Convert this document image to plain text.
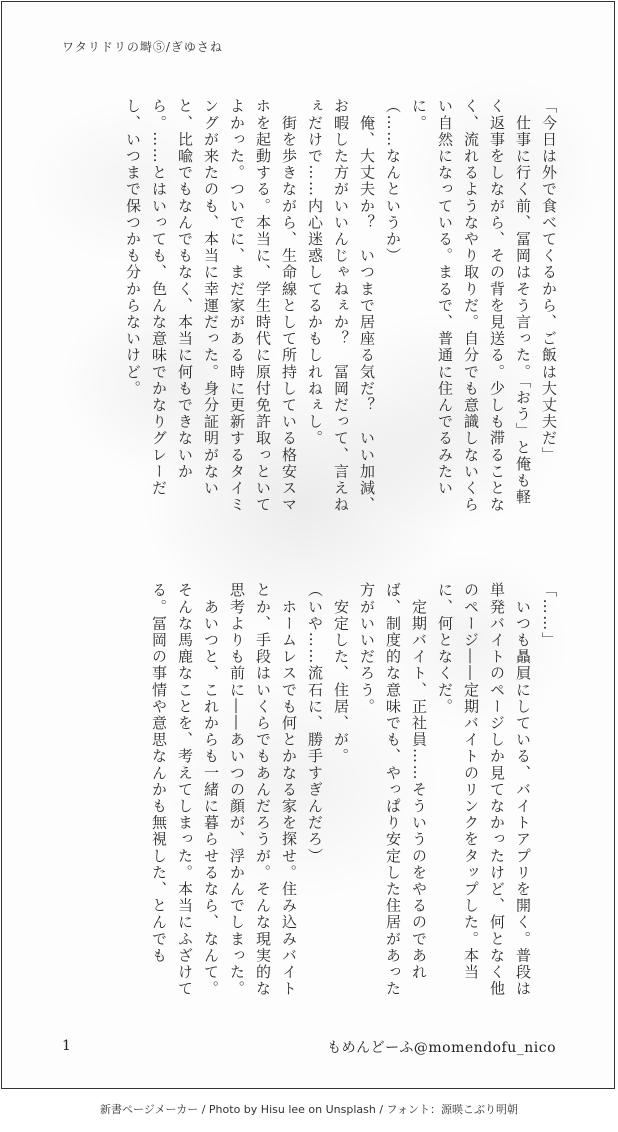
ワタリドリの塒⑤/ぎゆさね

「今日は外で食べてくるから、ご飯は大丈夫だ」

　仕事に行く前、冨岡はそう言った。「おう」と俺も軽く返事をしながら、その背を見送る。少しも滞ることなく、流れるようなやり取りだ。自分でも意識しないくらい自然になっている。まるで、普通に住んでるみたいに。

（……なんというか）

　俺、大丈夫か？　いつまで居座る気だ？　いい加減、お暇した方がいいんじゃねぇか？　冨岡だって、言えねぇだけで……内心迷惑してるかもしれねぇし。

　街を歩きながら、生命線として所持している格安スマホを起動する。本当に、学生時代に原付免許取っといてよかった。ついでに、まだ家がある時に更新するタイミングが来たのも、本当に幸運だった。身分証明がないと、比喩でもなんでもなく、本当に何もできないから。……とはいっても、色んな意味でかなりグレーだし、いつまで保つかも分からないけど。

「……」

　いつも贔屓にしている、バイトアプリを開く。普段は単発バイトのページしか見てなかったけど、何となく他のページ――定期バイトのリンクをタップした。本当に、何となくだ。

　定期バイト、正社員……そういうのをやるのであれば、制度的な意味でも、やっぱり安定した住居があった方がいいだろう。

　安定した、住居、が。

（いや……流石に、勝手すぎんだろ）

　ホームレスでも何とかなる家を探せ。住み込みバイトとか、手段はいくらでもあんだろうが。そんな現実的な思考よりも前に――あいつの顔が、浮かんでしまった。

　あいつと、これからも一緒に暮らせるなら、なんて。そんな馬鹿なことを、考えてしまった。本当にふざけてる。冨岡の事情や意思なんかも無視した、とんでも

1	もめんどーふ@momendofu_nico
新書ページメーカー / Photo by Hisu lee on Unsplash / フォント：源暎こぶり明朝
